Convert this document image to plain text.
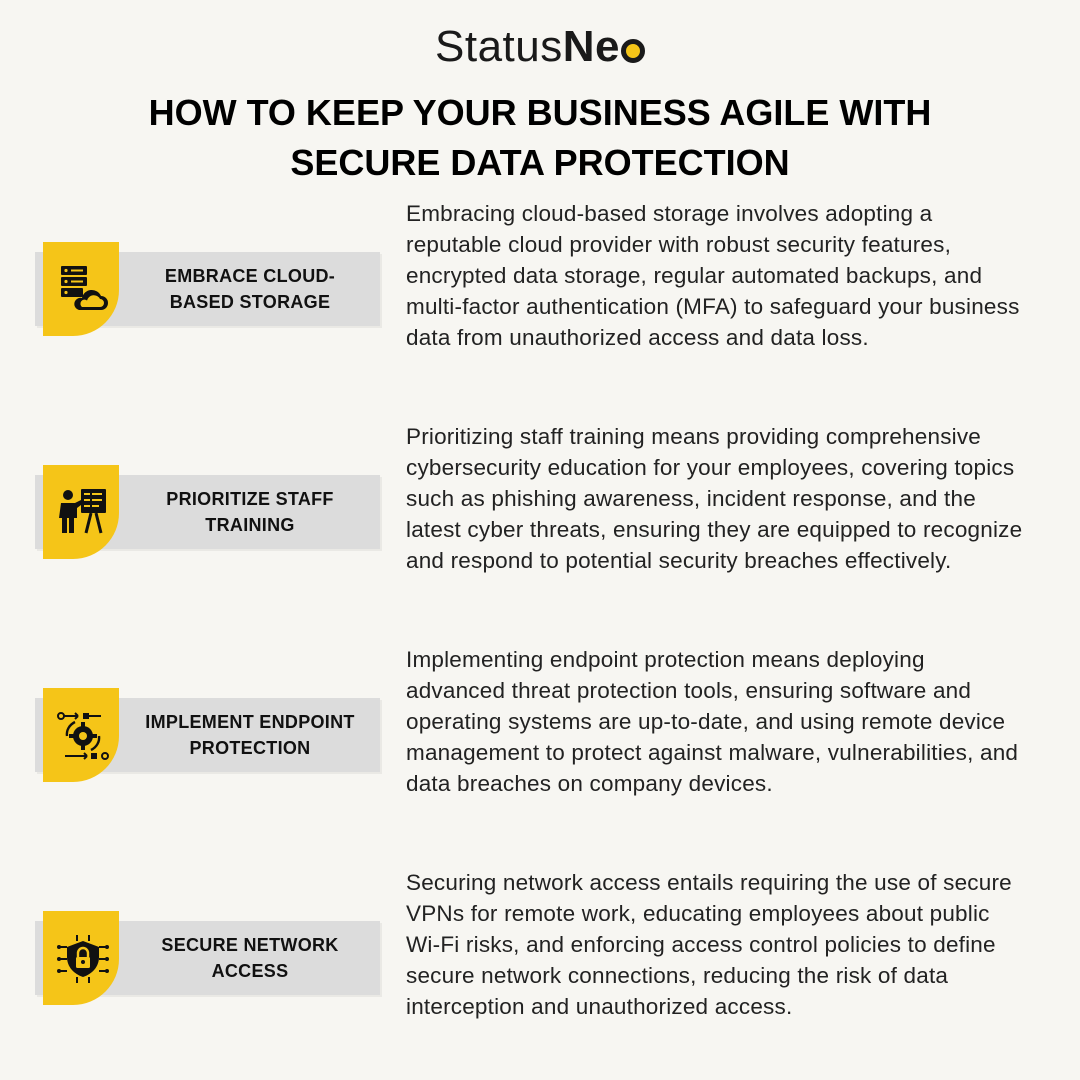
StatusNe
HOW TO KEEP YOUR BUSINESS AGILE WITH
SECURE DATA PROTECTION
EMBRACE CLOUD-
BASED STORAGE

Embracing cloud-based storage involves adopting a reputable cloud provider with robust security features, encrypted data storage, regular automated backups, and multi-factor authentication (MFA) to safeguard your business data from unauthorized access and data loss.

PRIORITIZE STAFF
TRAINING

Prioritizing staff training means providing comprehensive cybersecurity education for your employees, covering topics such as phishing awareness, incident response, and the latest cyber threats, ensuring they are equipped to recognize and respond to potential security breaches effectively.

IMPLEMENT ENDPOINT
PROTECTION

Implementing endpoint protection means deploying advanced threat protection tools, ensuring software and operating systems are up-to-date, and using remote device management to protect against malware, vulnerabilities, and data breaches on company devices.

SECURE NETWORK
ACCESS

Securing network access entails requiring the use of secure VPNs for remote work, educating employees about public Wi-Fi risks, and enforcing access control policies to define secure network connections, reducing the risk of data interception and unauthorized access.
